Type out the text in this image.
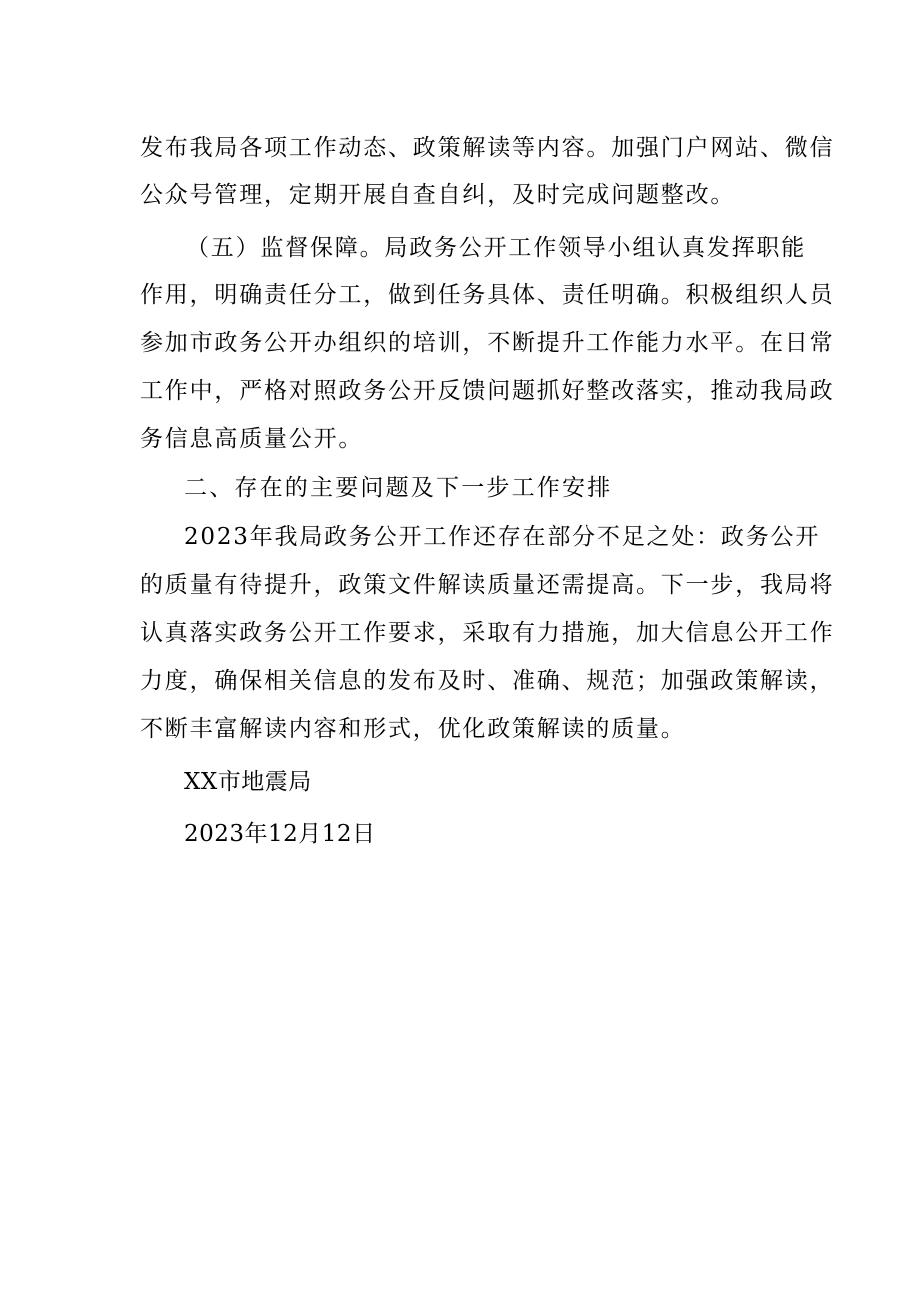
发布我局各项工作动态、政策解读等内容。加强门户网站、微信
公众号管理，定期开展自查自纠，及时完成问题整改。
（五）监督保障。局政务公开工作领导小组认真发挥职能
作用，明确责任分工，做到任务具体、责任明确。积极组织人员
参加市政务公开办组织的培训，不断提升工作能力水平。在日常
工作中，严格对照政务公开反馈问题抓好整改落实，推动我局政
务信息高质量公开。
二、存在的主要问题及下一步工作安排
2023年我局政务公开工作还存在部分不足之处：政务公开
的质量有待提升，政策文件解读质量还需提高。下一步，我局将
认真落实政务公开工作要求，采取有力措施，加大信息公开工作
力度，确保相关信息的发布及时、准确、规范；加强政策解读，
不断丰富解读内容和形式，优化政策解读的质量。
XX市地震局
2023年12月12日
